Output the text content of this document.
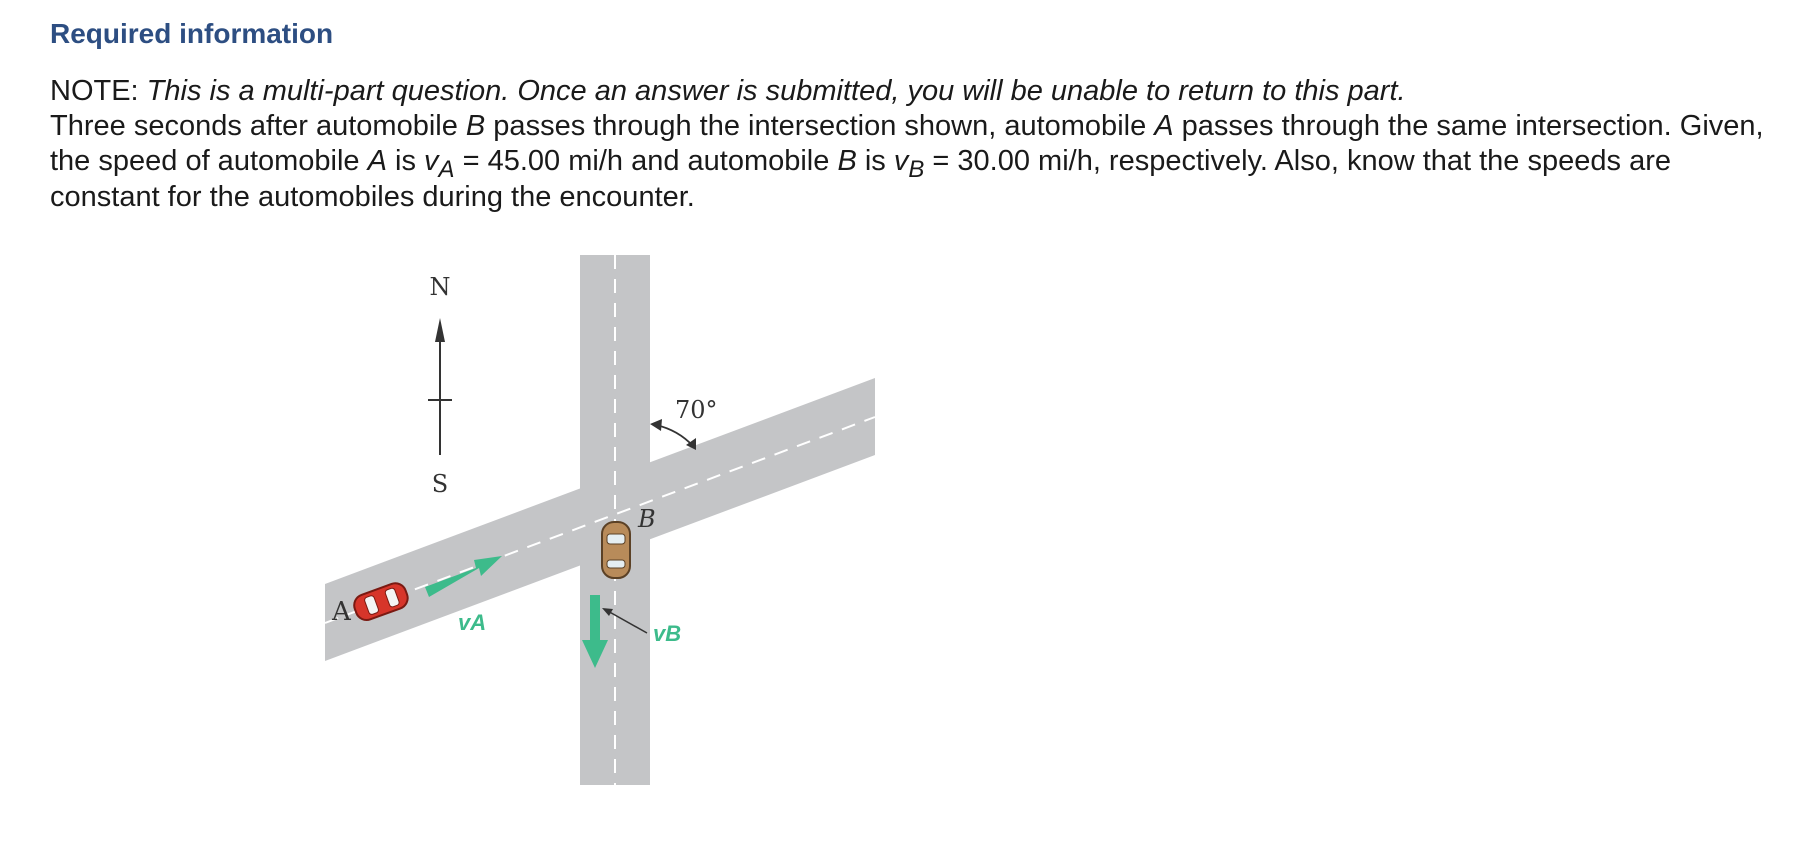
Required information

NOTE: This is a multi-part question. Once an answer is submitted, you will be unable to return to this part.

Three seconds after automobile B passes through the intersection shown, automobile A passes through the same intersection. Given, the speed of automobile A is $v_A = 45.00$ mi/h and automobile B is $v_B = 30.00$ mi/h, respectively. Also, know that the speeds are constant for the automobiles during the encounter.

N
S
70°
B
A	vA	vB
